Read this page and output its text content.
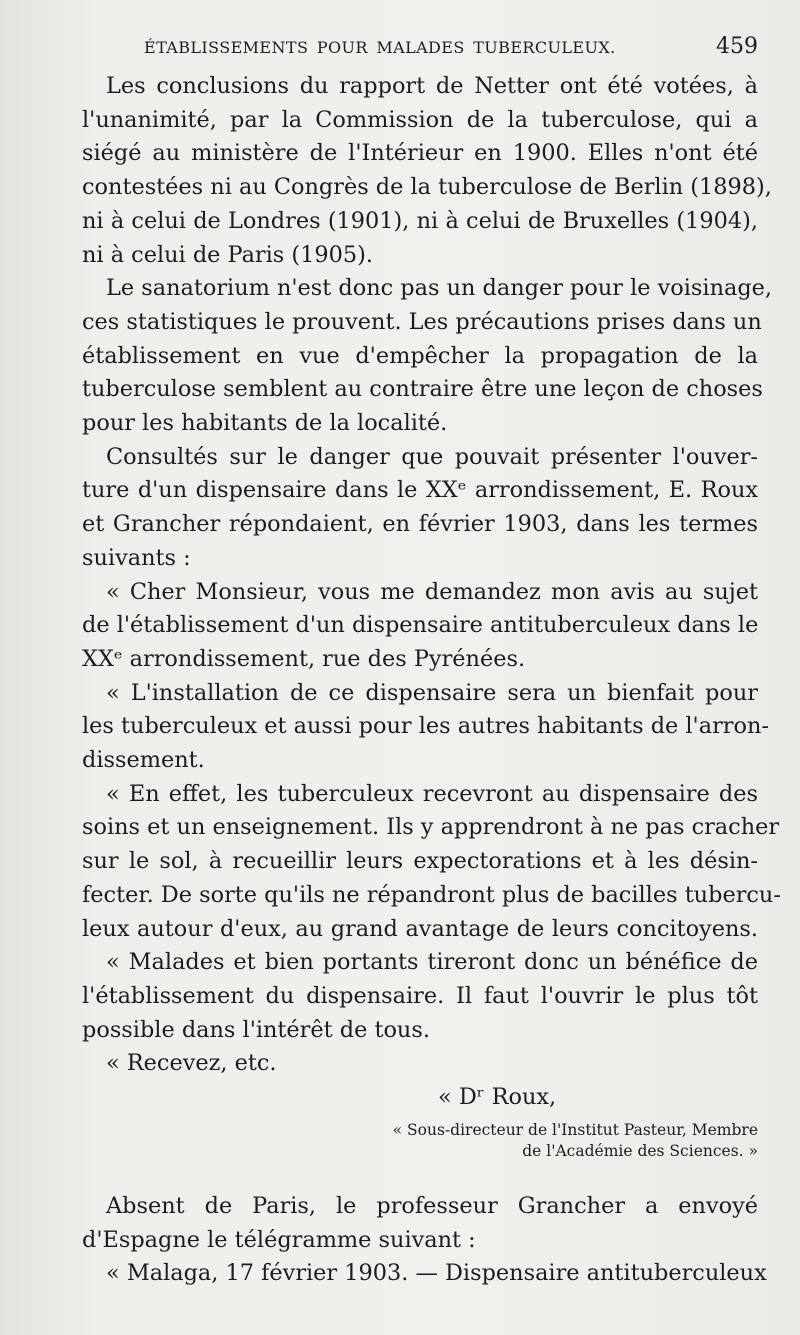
ÉTABLISSEMENTS POUR MALADES TUBERCULEUX.	459
Les conclusions du rapport de Netter ont été votées, à
l'unanimité, par la Commission de la tuberculose, qui a
siégé au ministère de l'Intérieur en 1900. Elles n'ont été
contestées ni au Congrès de la tuberculose de Berlin (1898),
ni à celui de Londres (1901), ni à celui de Bruxelles (1904),
ni à celui de Paris (1905).
Le sanatorium n'est donc pas un danger pour le voisinage,
ces statistiques le prouvent. Les précautions prises dans un
établissement en vue d'empêcher la propagation de la
tuberculose semblent au contraire être une leçon de choses
pour les habitants de la localité.
Consultés sur le danger que pouvait présenter l'ouver-
ture d'un dispensaire dans le XXᵉ arrondissement, E. Roux
et Grancher répondaient, en février 1903, dans les termes
suivants :
« Cher Monsieur, vous me demandez mon avis au sujet
de l'établissement d'un dispensaire antituberculeux dans le
XXᵉ arrondissement, rue des Pyrénées.
« L'installation de ce dispensaire sera un bienfait pour
les tuberculeux et aussi pour les autres habitants de l'arron-
dissement.
« En effet, les tuberculeux recevront au dispensaire des
soins et un enseignement. Ils y apprendront à ne pas cracher
sur le sol, à recueillir leurs expectorations et à les désin-
fecter. De sorte qu'ils ne répandront plus de bacilles tubercu-
leux autour d'eux, au grand avantage de leurs concitoyens.
« Malades et bien portants tireront donc un bénéfice de
l'établissement du dispensaire. Il faut l'ouvrir le plus tôt
possible dans l'intérêt de tous.
« Recevez, etc.
« Dʳ Roux,
« Sous-directeur de l'Institut Pasteur, Membre
de l'Académie des Sciences. »
Absent de Paris, le professeur Grancher a envoyé
d'Espagne le télégramme suivant :
« Malaga, 17 février 1903. — Dispensaire antituberculeux
